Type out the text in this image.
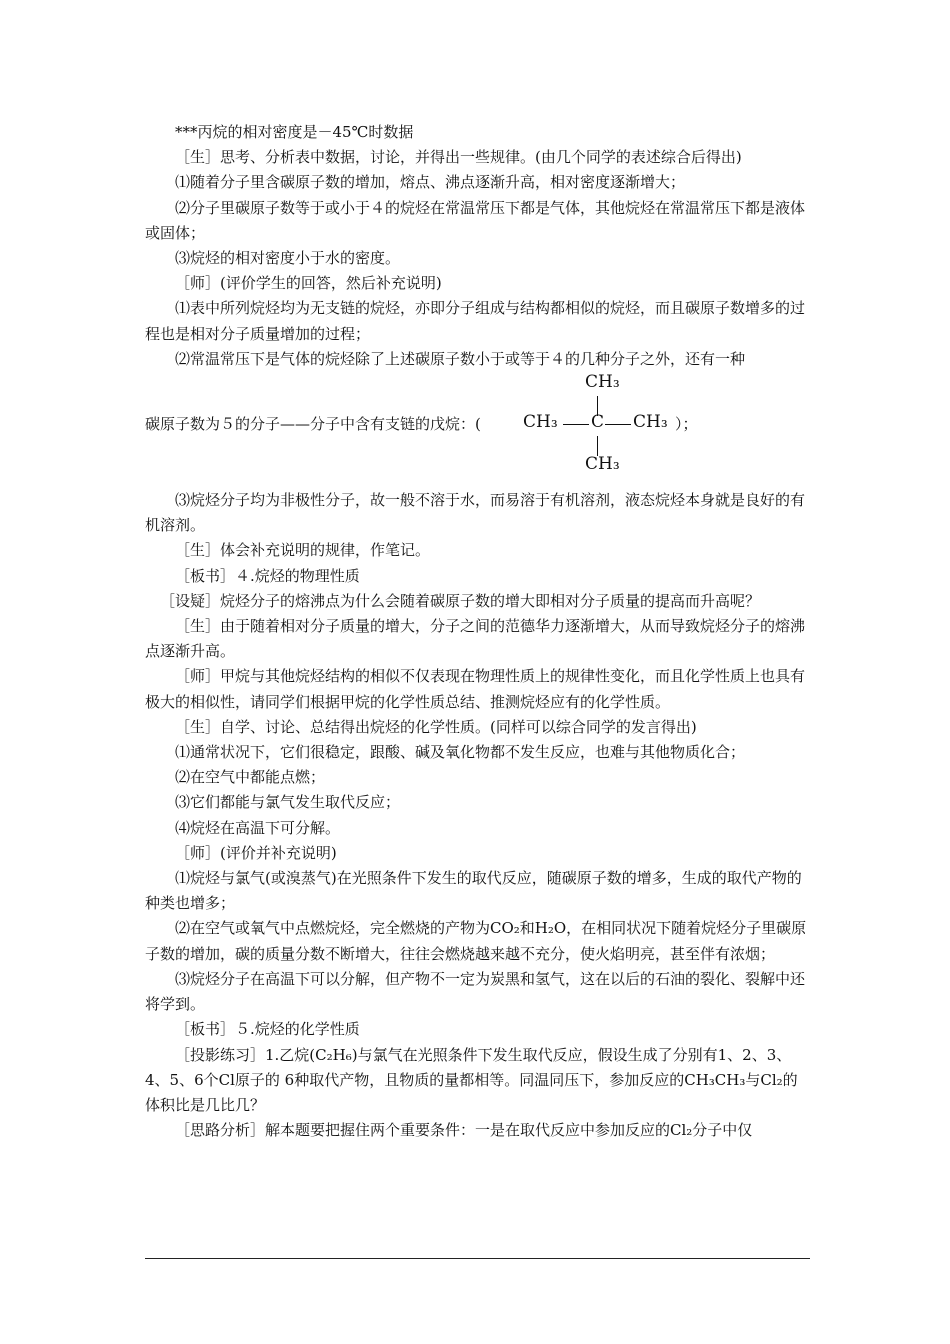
***丙烷的相对密度是－45℃时数据

［生］思考、分析表中数据，讨论，并得出一些规律。(由几个同学的表述综合后得出)

⑴随着分子里含碳原子数的增加，熔点、沸点逐渐升高，相对密度逐渐增大；

⑵分子里碳原子数等于或小于４的烷烃在常温常压下都是气体，其他烷烃在常温常压下都是液体或固体；

⑶烷烃的相对密度小于水的密度。

［师］(评价学生的回答，然后补充说明)

⑴表中所列烷烃均为无支链的烷烃，亦即分子组成与结构都相似的烷烃，而且碳原子数增多的过程也是相对分子质量增加的过程；

⑵常温常压下是气体的烷烃除了上述碳原子数小于或等于４的几种分子之外，还有一种

碳原子数为５的分子——分子中含有支链的戊烷：(
CH₃
CH₃ C CH₃ ）；
CH₃

⑶烷烃分子均为非极性分子，故一般不溶于水，而易溶于有机溶剂，液态烷烃本身就是良好的有机溶剂。

［生］体会补充说明的规律，作笔记。

［板书］４.烷烃的物理性质

［设疑］烷烃分子的熔沸点为什么会随着碳原子数的增大即相对分子质量的提高而升高呢？

［生］由于随着相对分子质量的增大，分子之间的范德华力逐渐增大，从而导致烷烃分子的熔沸点逐渐升高。

［师］甲烷与其他烷烃结构的相似不仅表现在物理性质上的规律性变化，而且化学性质上也具有极大的相似性，请同学们根据甲烷的化学性质总结、推测烷烃应有的化学性质。

［生］自学、讨论、总结得出烷烃的化学性质。(同样可以综合同学的发言得出)

⑴通常状况下，它们很稳定，跟酸、碱及氧化物都不发生反应，也难与其他物质化合；

⑵在空气中都能点燃；

⑶它们都能与氯气发生取代反应；

⑷烷烃在高温下可分解。

［师］(评价并补充说明)

⑴烷烃与氯气(或溴蒸气)在光照条件下发生的取代反应，随碳原子数的增多，生成的取代产物的种类也增多；

⑵在空气或氧气中点燃烷烃，完全燃烧的产物为CO₂和H₂O，在相同状况下随着烷烃分子里碳原子数的增加，碳的质量分数不断增大，往往会燃烧越来越不充分，使火焰明亮，甚至伴有浓烟；

⑶烷烃分子在高温下可以分解，但产物不一定为炭黑和氢气，这在以后的石油的裂化、裂解中还将学到。

［板书］５.烷烃的化学性质

［投影练习］1.乙烷(C₂H₆)与氯气在光照条件下发生取代反应，假设生成了分别有1、2、3、4、5、6个Cl原子的 6种取代产物，且物质的量都相等。同温同压下，参加反应的CH₃CH₃与Cl₂的体积比是几比几？

［思路分析］解本题要把握住两个重要条件：一是在取代反应中参加反应的Cl₂分子中仅
